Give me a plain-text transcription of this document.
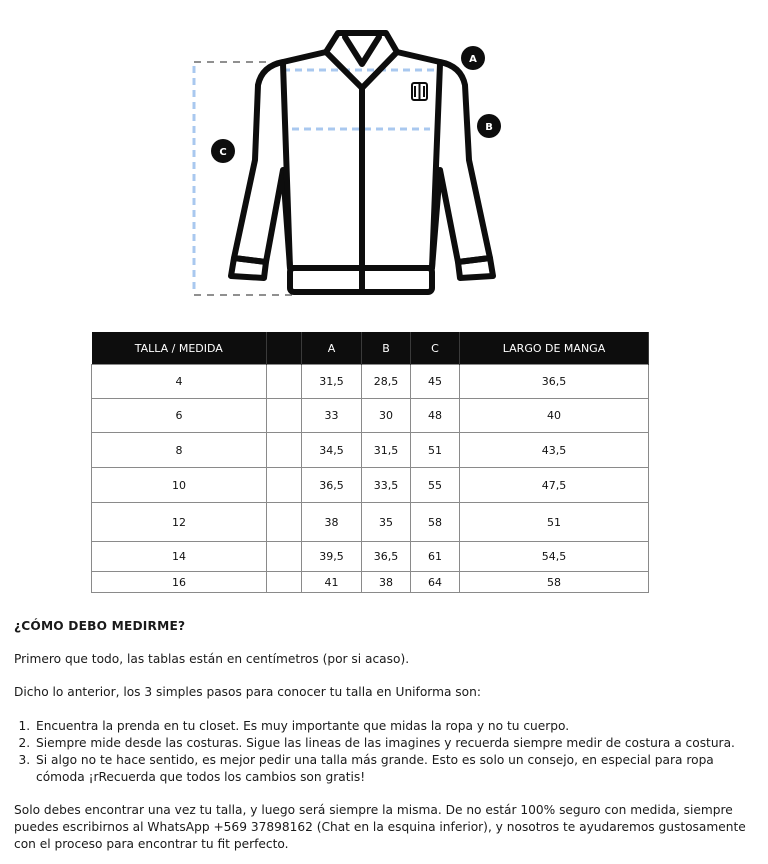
A
B
C
TALLA / MEDIDA		A	B	C	LARGO DE MANGA
4		31,5	28,5	45	36,5
6		33	30	48	40
8		34,5	31,5	51	43,5
10		36,5	33,5	55	47,5
12		38	35	58	51
14		39,5	36,5	61	54,5
16		41	38	64	58

¿CÓMO DEBO MEDIRME?

Primero que todo, las tablas están en centímetros (por si acaso).

Dicho lo anterior, los 3 simples pasos para conocer tu talla en Uniforma son:

1. Encuentra la prenda en tu closet. Es muy importante que midas la ropa y no tu cuerpo.
2. Siempre mide desde las costuras. Sigue las lineas de las imagines y recuerda siempre medir de costura a costura.
3. Si algo no te hace sentido, es mejor pedir una talla más grande. Esto es solo un consejo, en especial para ropa cómoda ¡rRecuerda que todos los cambios son gratis!

Solo debes encontrar una vez tu talla, y luego será siempre la misma. De no estár 100% seguro con medida, siempre puedes escribirnos al WhatsApp +569 37898162 (Chat en la esquina inferior), y nosotros te ayudaremos gustosamente con el proceso para encontrar tu fit perfecto.
